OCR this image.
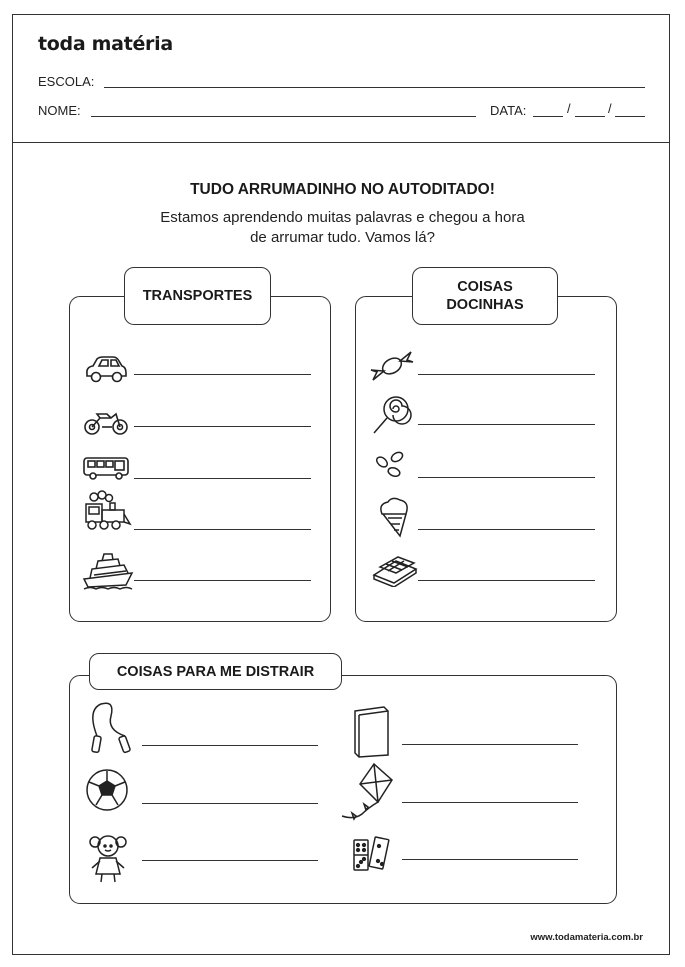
toda matéria
ESCOLA:
NOME:	DATA:	/	/
TUDO ARRUMADINHO NO AUTODITADO!
Estamos aprendendo muitas palavras e chegou a hora
de arrumar tudo. Vamos lá?
TRANSPORTES
COISAS
DOCINHAS
COISAS PARA ME DISTRAIR
www.todamateria.com.br
